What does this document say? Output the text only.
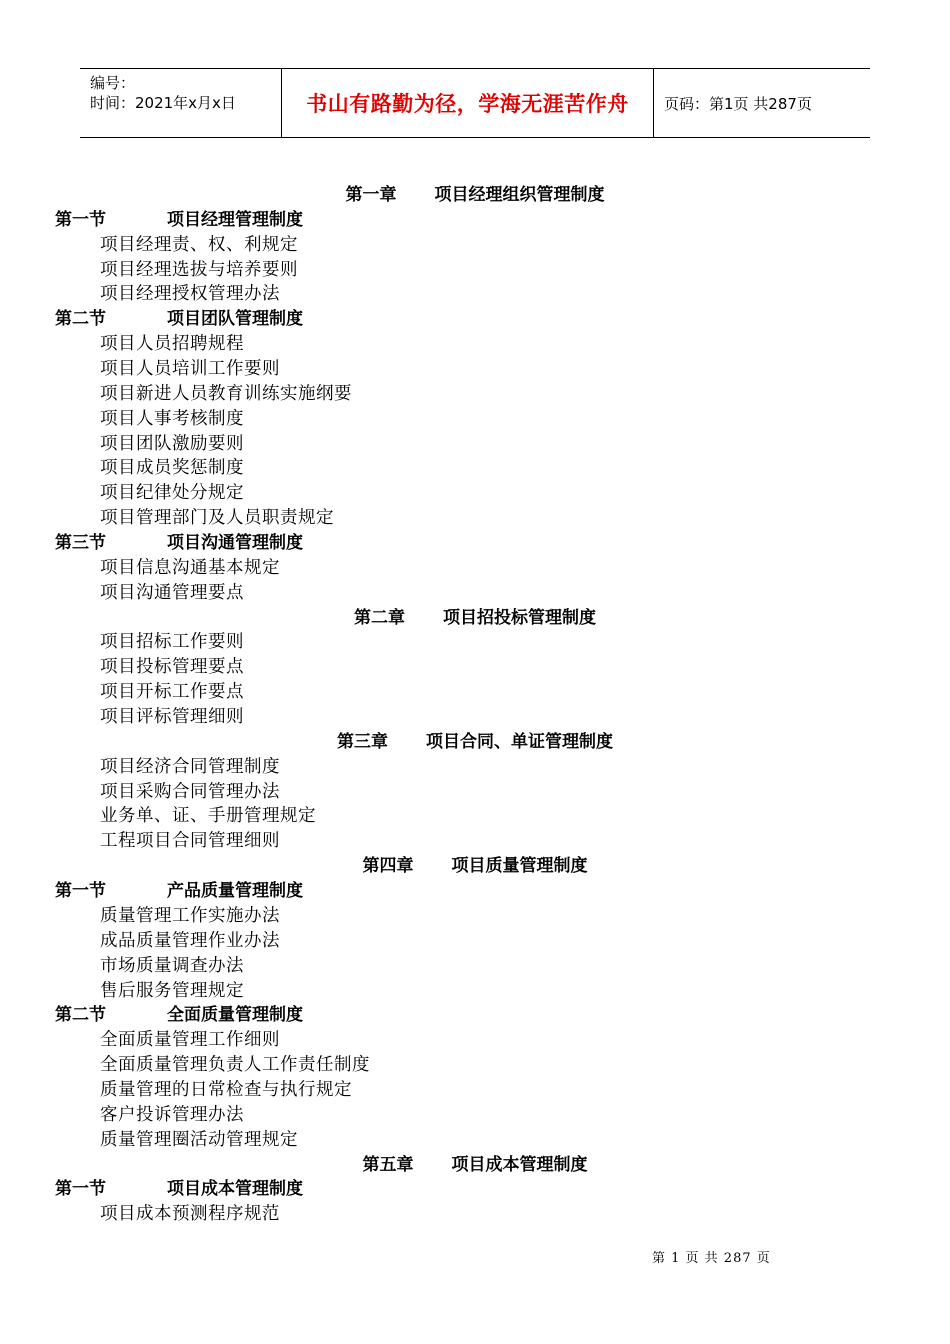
编号：
时间：2021年x月x日	书山有路勤为径，学海无涯苦作舟	页码：第1页 共287页
第一章 项目经理组织管理制度
第一节	项目经理管理制度
项目经理责、权、利规定
项目经理选拔与培养要则
项目经理授权管理办法
第二节	项目团队管理制度
项目人员招聘规程
项目人员培训工作要则
项目新进人员教育训练实施纲要
项目人事考核制度
项目团队激励要则
项目成员奖惩制度
项目纪律处分规定
项目管理部门及人员职责规定
第三节	项目沟通管理制度
项目信息沟通基本规定
项目沟通管理要点
第二章 项目招投标管理制度
项目招标工作要则
项目投标管理要点
项目开标工作要点
项目评标管理细则
第三章 项目合同、单证管理制度
项目经济合同管理制度
项目采购合同管理办法
业务单、证、手册管理规定
工程项目合同管理细则
第四章 项目质量管理制度
第一节	产品质量管理制度
质量管理工作实施办法
成品质量管理作业办法
市场质量调查办法
售后服务管理规定
第二节	全面质量管理制度
全面质量管理工作细则
全面质量管理负责人工作责任制度
质量管理的日常检查与执行规定
客户投诉管理办法
质量管理圈活动管理规定
第五章 项目成本管理制度
第一节	项目成本管理制度
项目成本预测程序规范
第 1 页 共 287 页
